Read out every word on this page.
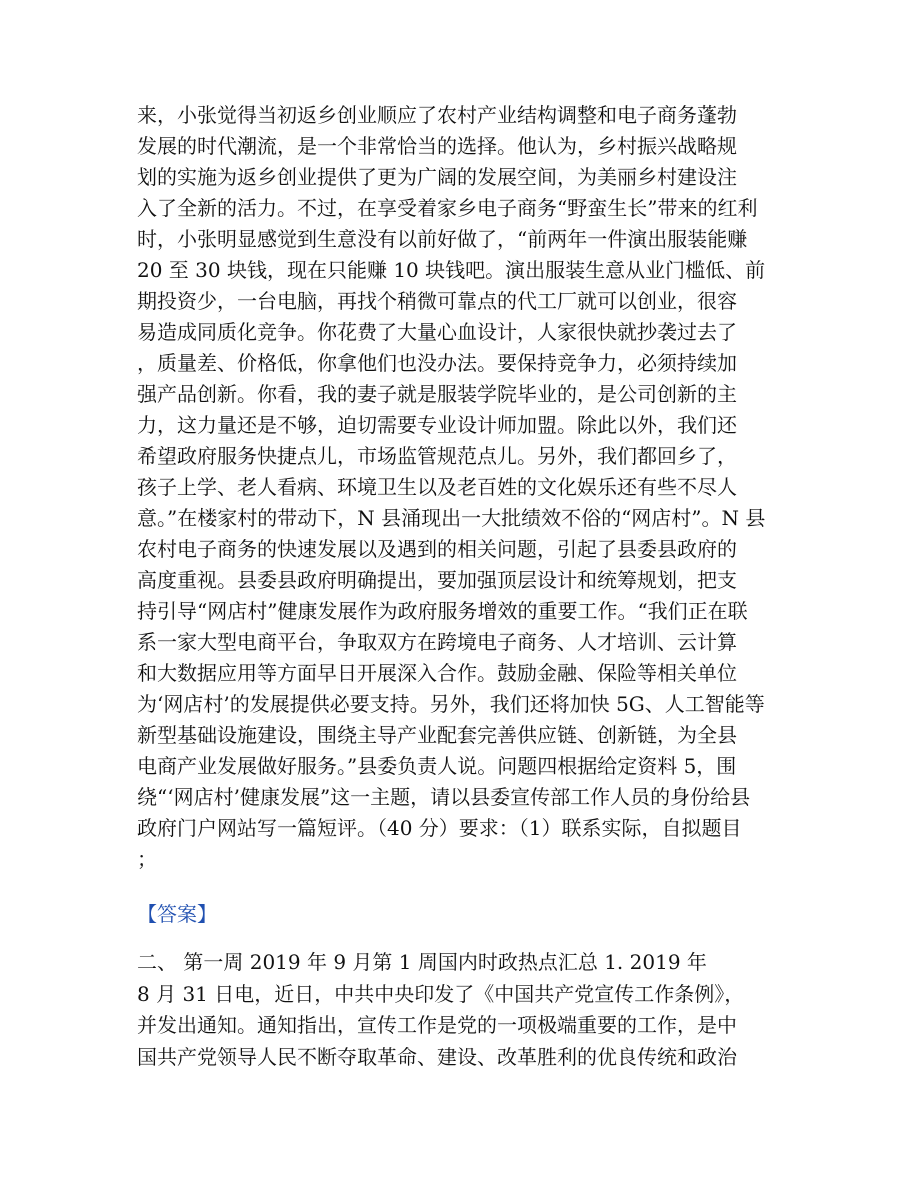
来，小张觉得当初返乡创业顺应了农村产业结构调整和电子商务蓬勃
发展的时代潮流，是一个非常恰当的选择。他认为，乡村振兴战略规
划的实施为返乡创业提供了更为广阔的发展空间，为美丽乡村建设注
入了全新的活力。不过，在享受着家乡电子商务“野蛮生长”带来的红利
时，小张明显感觉到生意没有以前好做了，“前两年一件演出服装能赚
20 至 30 块钱，现在只能赚 10 块钱吧。演出服装生意从业门槛低、前
期投资少，一台电脑，再找个稍微可靠点的代工厂就可以创业，很容
易造成同质化竞争。你花费了大量心血设计，人家很快就抄袭过去了
，质量差、价格低，你拿他们也没办法。要保持竞争力，必须持续加
强产品创新。你看，我的妻子就是服装学院毕业的，是公司创新的主
力，这力量还是不够，迫切需要专业设计师加盟。除此以外，我们还
希望政府服务快捷点儿，市场监管规范点儿。另外，我们都回乡了，
孩子上学、老人看病、环境卫生以及老百姓的文化娱乐还有些不尽人
意。”在楼家村的带动下，N 县涌现出一大批绩效不俗的“网店村”。N 县
农村电子商务的快速发展以及遇到的相关问题，引起了县委县政府的
高度重视。县委县政府明确提出，要加强顶层设计和统筹规划，把支
持引导“网店村”健康发展作为政府服务增效的重要工作。“我们正在联
系一家大型电商平台，争取双方在跨境电子商务、人才培训、云计算
和大数据应用等方面早日开展深入合作。鼓励金融、保险等相关单位
为‘网店村’的发展提供必要支持。另外，我们还将加快 5G、人工智能等
新型基础设施建设，围绕主导产业配套完善供应链、创新链，为全县
电商产业发展做好服务。”县委负责人说。问题四根据给定资料 5，围
绕“‘网店村’健康发展”这一主题，请以县委宣传部工作人员的身份给县
政府门户网站写一篇短评。（40 分）要求：（1）联系实际，自拟题目
；
【答案】
二、 第一周 2019 年 9 月第 1 周国内时政热点汇总 1. 2019 年
8 月 31 日电，近日，中共中央印发了《中国共产党宣传工作条例》，
并发出通知。通知指出，宣传工作是党的一项极端重要的工作，是中
国共产党领导人民不断夺取革命、建设、改革胜利的优良传统和政治
